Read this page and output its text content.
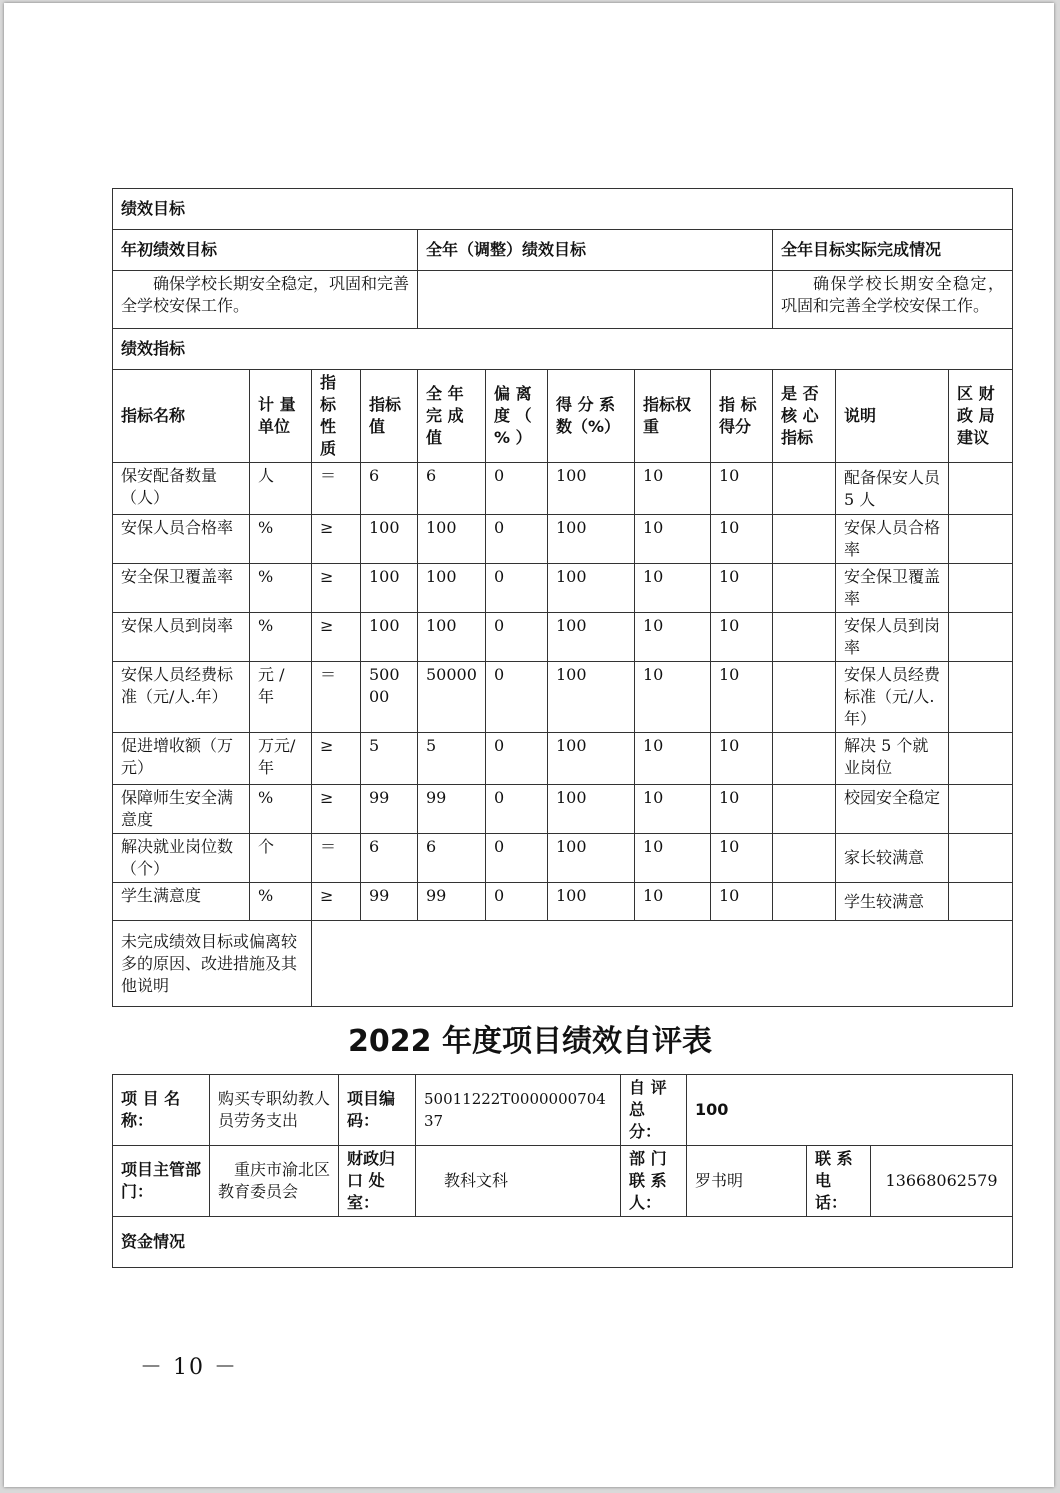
绩效目标											
年初绩效目标				全年（调整）绩效目标					全年目标实际完成情况		
确保学校长期安全稳定，巩固和完善全学校安保工作。									确保学校长期安全稳定，巩固和完善全学校安保工作。		
绩效指标											
指标名称	计 量 单位	指 标 性 质	指标 值	全 年 完 成 值	偏 离 度 （ % ）	得 分 系 数（%）	指标权 重	指 标 得分	是 否 核 心 指标	说明	区 财 政 局 建议
保安配备数量（人）	人	＝	6	6	0	100	10	10		配备保安人员 5 人	
安保人员合格率	%	≥	100	100	0	100	10	10		安保人员合格率	
安全保卫覆盖率	%	≥	100	100	0	100	10	10		安全保卫覆盖率	
安保人员到岗率	%	≥	100	100	0	100	10	10		安保人员到岗率	
安保人员经费标准（元/人.年）	元 / 年	＝	50000	50000	0	100	10	10		安保人员经费标准（元/人.年）	
促进增收额（万元）	万元/年	≥	5	5	0	100	10	10		解决 5 个就业岗位	
保障师生安全满意度	%	≥	99	99	0	100	10	10		校园安全稳定	
解决就业岗位数（个）	个	＝	6	6	0	100	10	10		家长较满意	
学生满意度	%	≥	99	99	0	100	10	10		学生较满意	
未完成绩效目标或偏离较多的原因、改进措施及其他说明											
2022 年度项目绩效自评表
项 目 名称：	购买专职幼教人员劳务支出	项目编码：	50011222T000000070437	自 评 总 分：	100		
项目主管部门：	重庆市渝北区教育委员会	财政归口 处室：	教科文科	部 门 联 系 人：	罗书明	联 系 电 话：	13668062579
资金情况							
－ 10 －
